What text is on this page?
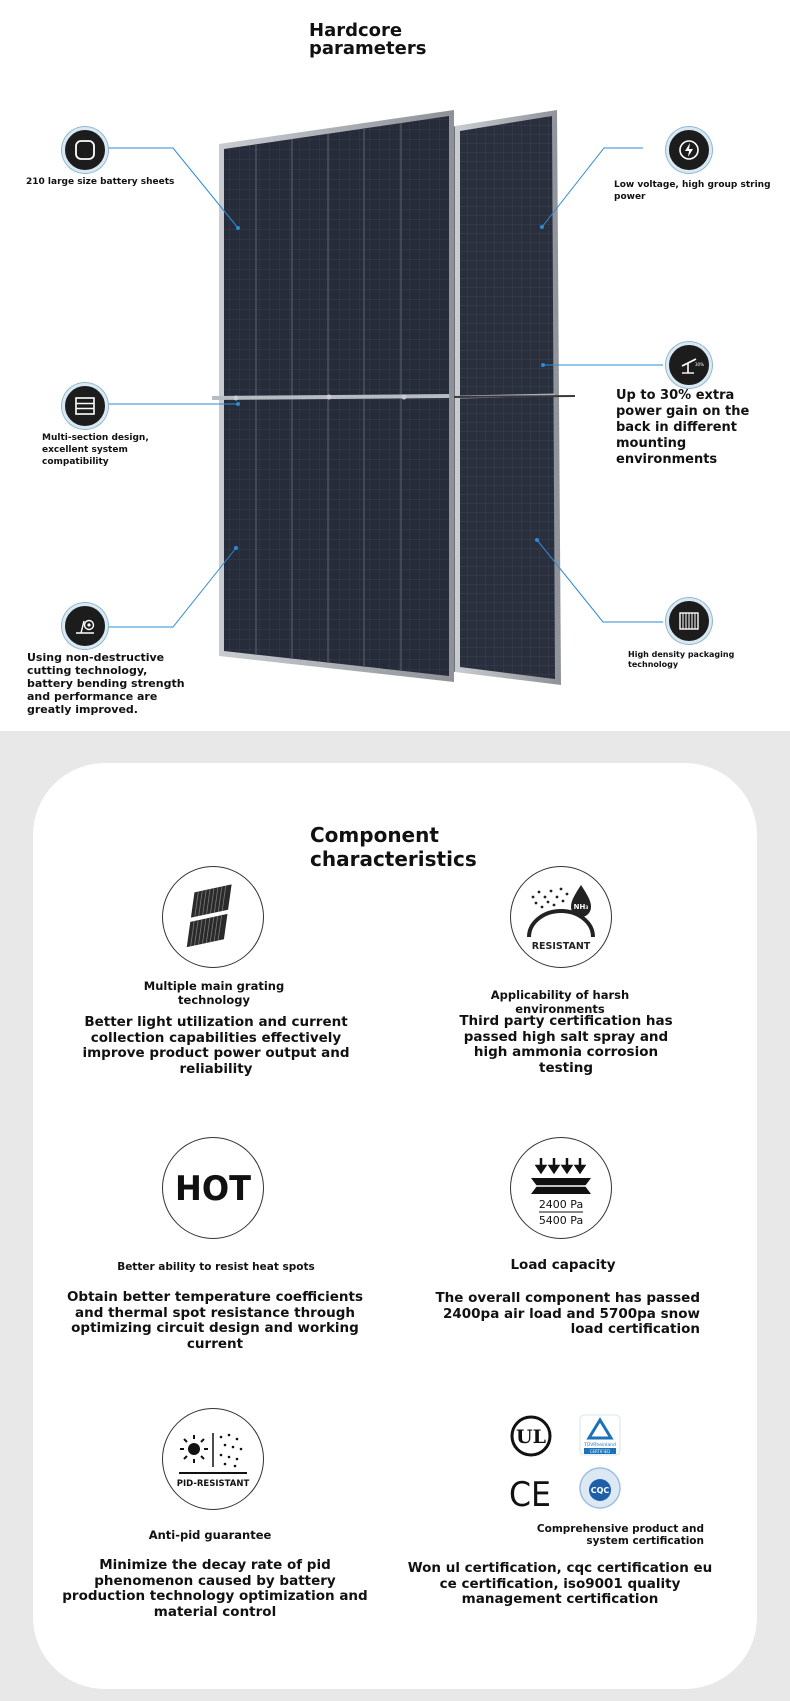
Hardcore parameters
30%
210 large size battery sheets	Low voltage, high group string power
Multi-section design, excellent system compatibility
Up to 30% extra power gain on the back in different mounting environments
Using non-destructive cutting technology, battery bending strength and performance are greatly improved.
High density packaging technology
Component characteristics
Multiple main grating technology
Better light utilization and current collection capabilities effectively improve product power output and reliability
NH₃
RESISTANT
Applicability of harsh environments
Third party certification has passed high salt spray and high ammonia corrosion testing
HOT
Better ability to resist heat spots
Obtain better temperature coefficients and thermal spot resistance through optimizing circuit design and working current
2400 Pa
5400 Pa
Load capacity
The overall component has passed 2400pa air load and 5700pa snow load certification
PID-RESISTANT
Anti-pid guarantee
Minimize the decay rate of pid phenomenon caused by battery production technology optimization and material control
UL	TÜVRheinland
CERTIFIED
CE	CQC
Comprehensive product and system certification
Won ul certification, cqc certification eu ce certification, iso9001 quality management certification
